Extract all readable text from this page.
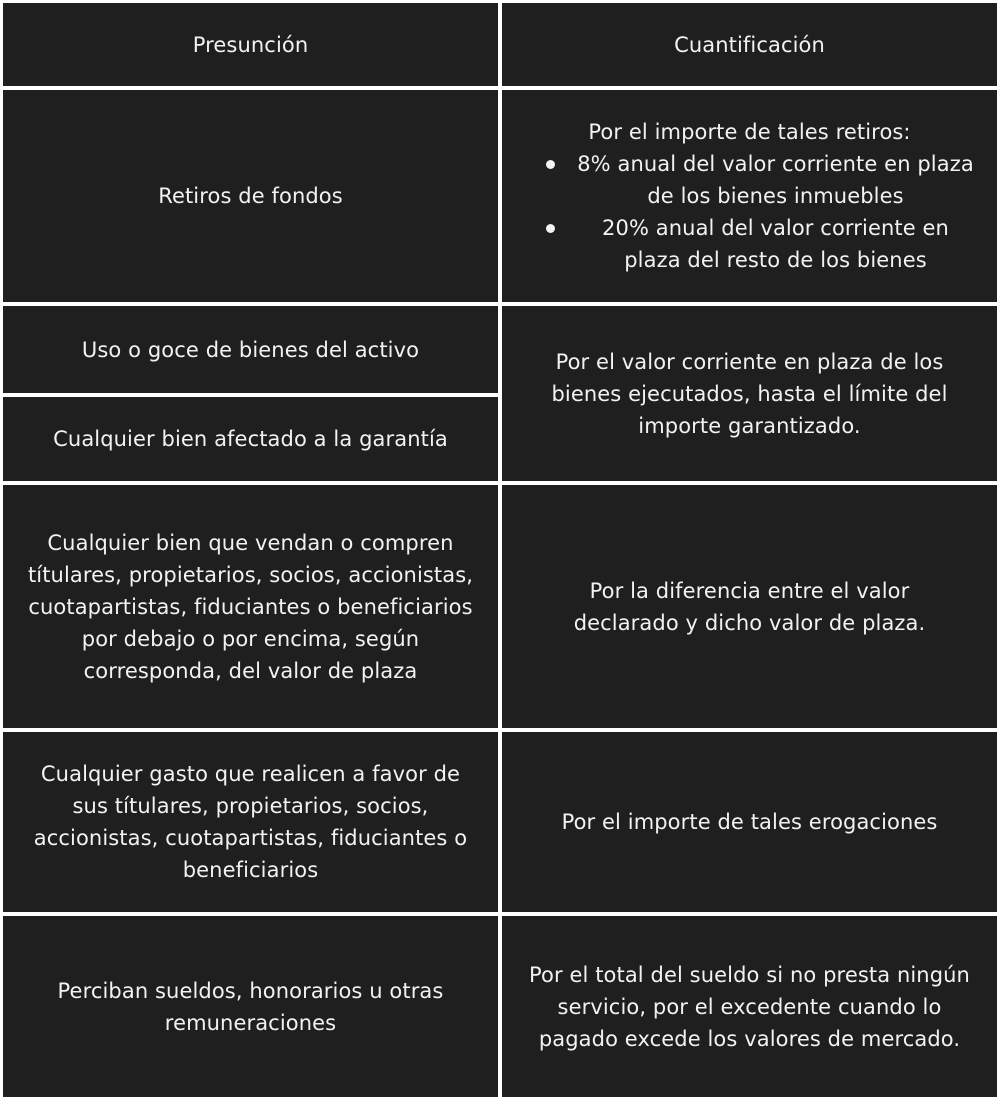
Presunción	Cuantificación
Retiros de fondos
Por el importe de tales retiros:
8% anual del valor corriente en plaza de los bienes inmuebles
20% anual del valor corriente en plaza del resto de los bienes
Uso o goce de bienes del activo
Cualquier bien afectado a la garantía
Por el valor corriente en plaza de los bienes ejecutados, hasta el límite del importe garantizado.
Cualquier bien que vendan o compren títulares, propietarios, socios, accionistas, cuotapartistas, fiduciantes o beneficiarios por debajo o por encima, según corresponda, del valor de plaza
Por la diferencia entre el valor declarado y dicho valor de plaza.
Cualquier gasto que realicen a favor de sus títulares, propietarios, socios, accionistas, cuotapartistas, fiduciantes o beneficiarios
Por el importe de tales erogaciones
Perciban sueldos, honorarios u otras remuneraciones
Por el total del sueldo si no presta ningún servicio, por el excedente cuando lo pagado excede los valores de mercado.
